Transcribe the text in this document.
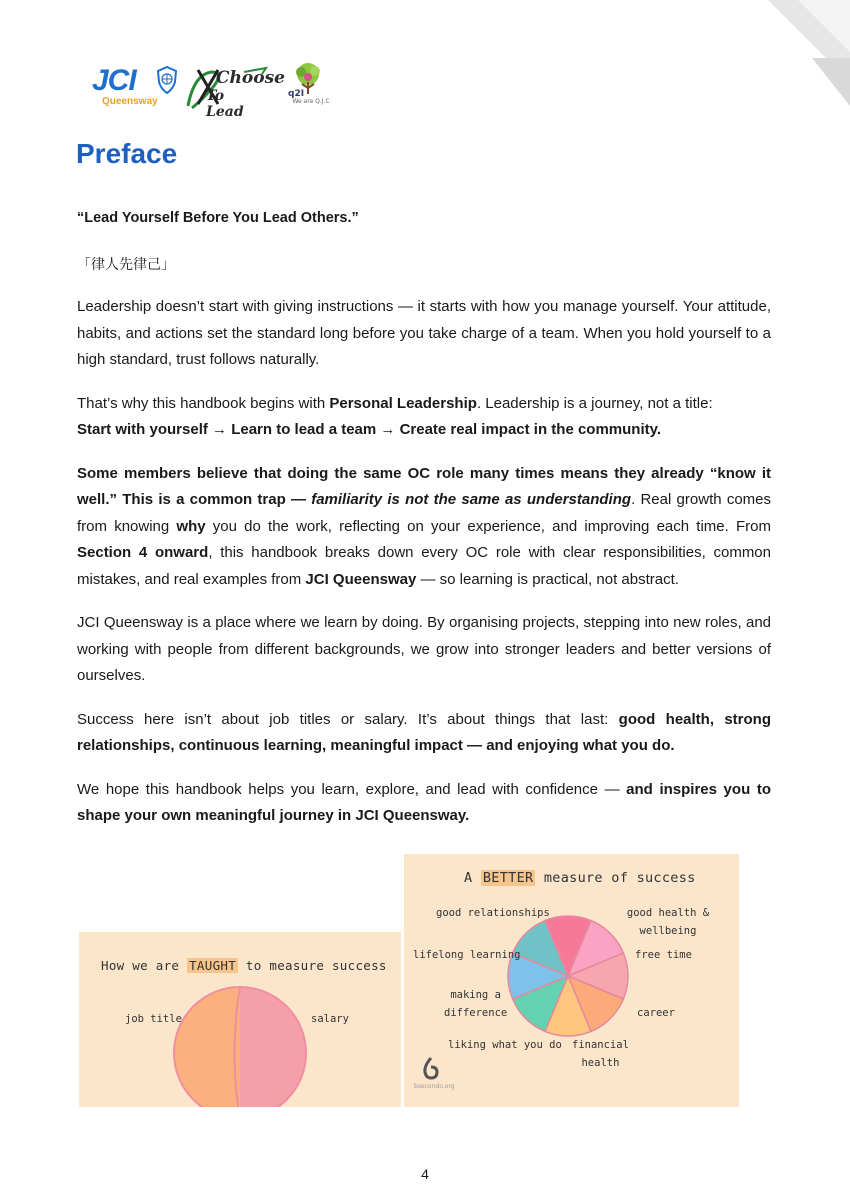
JCI
Queensway
Choose
To Lead
q2I
We are Q.J.C
Preface

“Lead Yourself Before You Lead Others.”

「律人先律己」

Leadership doesn’t start with giving instructions — it starts with how you manage yourself. Your attitude, habits, and actions set the standard long before you take charge of a team. When you hold yourself to a high standard, trust follows naturally.

That’s why this handbook begins with Personal Leadership. Leadership is a journey, not a title:
Start with yourself → Learn to lead a team → Create real impact in the community.

Some members believe that doing the same OC role many times means they already “know it well.” This is a common trap — familiarity is not the same as understanding. Real growth comes from knowing why you do the work, reflecting on your experience, and improving each time. From Section 4 onward, this handbook breaks down every OC role with clear responsibilities, common mistakes, and real examples from JCI Queensway — so learning is practical, not abstract.

JCI Queensway is a place where we learn by doing. By organising projects, stepping into new roles, and working with people from different backgrounds, we grow into stronger leaders and better versions of ourselves.

Success here isn’t about job titles or salary. It’s about things that last: good health, strong relationships, continuous learning, meaningful impact — and enjoying what you do.

We hope this handbook helps you learn, explore, and lead with confidence — and inspires you to shape your own meaningful journey in JCI Queensway.

How we are TAUGHT to measure success
job title	salary
A BETTER measure of success
good relationships	good health & wellbeing
lifelong learning	free time
making a
difference	career
liking what you do financial
health
bsecondo.org
4
